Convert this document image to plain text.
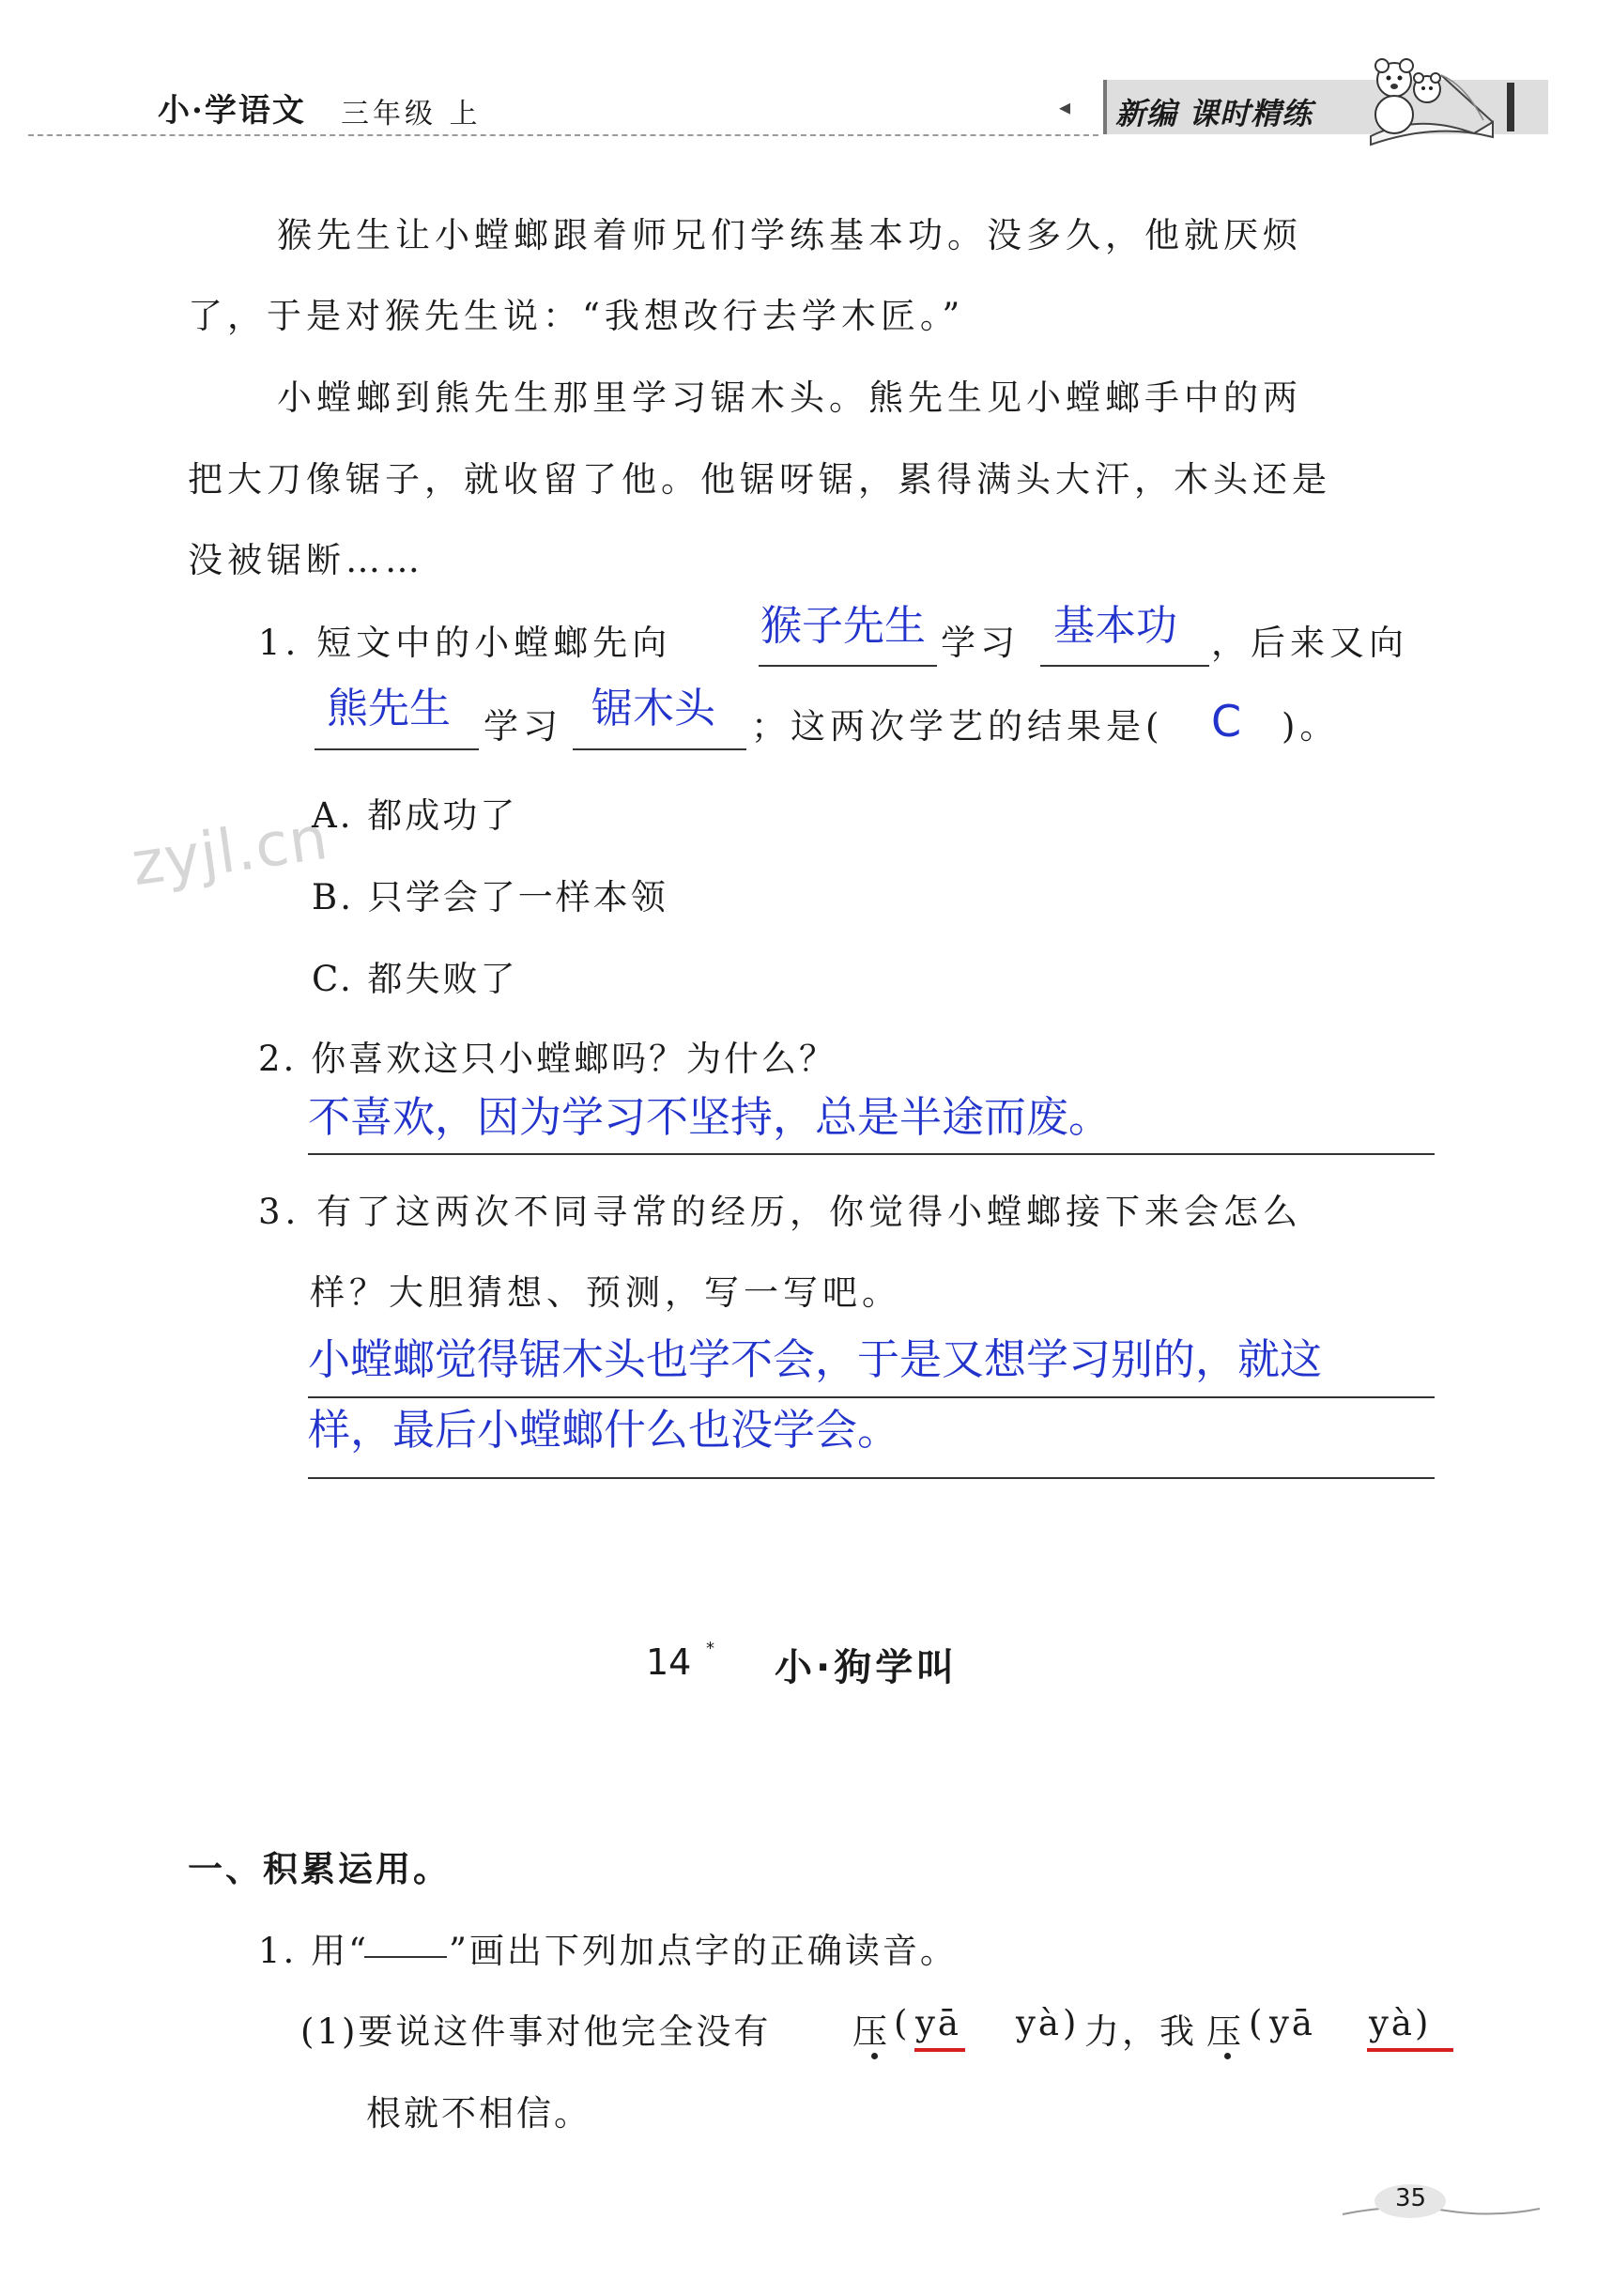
小·学语文 三年级 上	◂ 新编 课时精练
猴先生让小螳螂跟着师兄们学练基本功。没多久，他就厌烦
了，于是对猴先生说：“我想改行去学木匠。”
小螳螂到熊先生那里学习锯木头。熊先生见小螳螂手中的两
把大刀像锯子，就收留了他。他锯呀锯，累得满头大汗，木头还是
没被锯断……
1. 短文中的小螳螂先向 猴子先生 学习 基本功 ，后来又向
熊先生 学习 锯木头 ；这两次学艺的结果是( C )。
zyjl.cn
A. 都成功了
B. 只学会了一样本领
C. 都失败了
2. 你喜欢这只小螳螂吗？为什么？
不喜欢，因为学习不坚持，总是半途而废。
3. 有了这两次不同寻常的经历，你觉得小螳螂接下来会怎么
样？大胆猜想、预测，写一写吧。
小螳螂觉得锯木头也学不会，于是又想学习别的，就这
样，最后小螳螂什么也没学会。
14 * 小·狗学叫
一、积累运用。
1. 用“ ”画出下列加点字的正确读音。
(1)要说这件事对他完全没有 压 ( yā yà ) 力，我 压 ( yā yà)
根就不相信。
35
